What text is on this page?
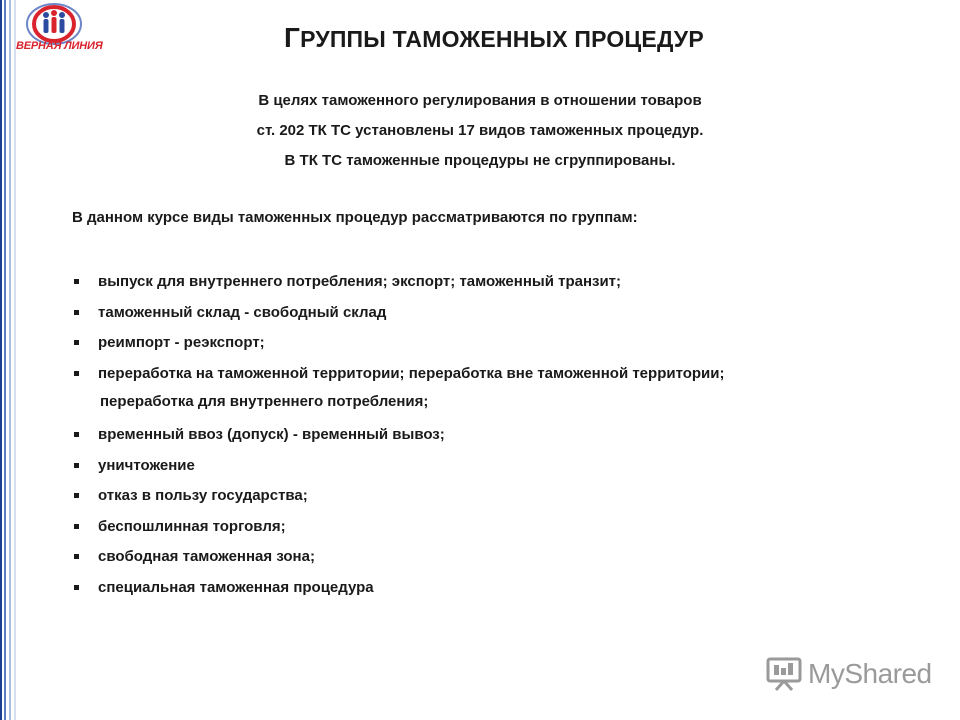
ВЕРНАЯ ЛИНИЯ	ГРУППЫ ТАМОЖЕННЫХ ПРОЦЕДУР
В целях таможенного регулирования в отношении товаров
ст. 202 ТК ТС установлены 17 видов таможенных процедур.
В ТК ТС таможенные процедуры не сгруппированы.
В данном курсе виды таможенных процедур рассматриваются по группам:
выпуск для внутреннего потребления; экспорт; таможенный транзит;
таможенный склад - свободный склад
реимпорт - реэкспорт;
переработка на таможенной территории; переработка вне таможенной территории;
временный ввоз (допуск) - временный вывоз;
уничтожение
отказ в пользу государства;
беспошлинная торговля;
свободная таможенная зона;
специальная таможенная процедура
переработка для внутреннего потребления;
MyShared
